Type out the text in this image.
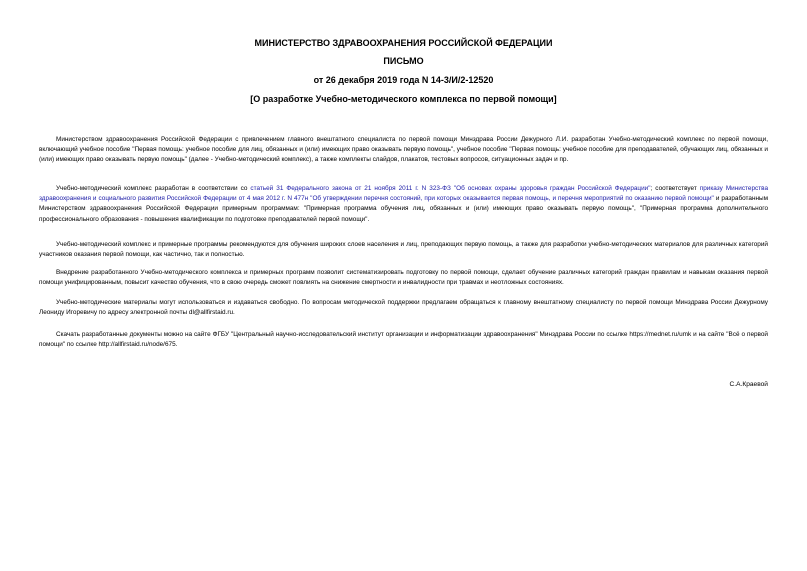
МИНИСТЕРСТВО ЗДРАВООХРАНЕНИЯ РОССИЙСКОЙ ФЕДЕРАЦИИ
ПИСЬМО
от 26 декабря 2019 года N 14-3/И/2-12520
[О разработке Учебно-методического комплекса по первой помощи]

Министерством здравоохранения Российской Федерации с привлечением главного внештатного специалиста по первой помощи Минздрава России Дежурного Л.И. разработан Учебно-методический комплекс по первой помощи, включающий учебное пособие "Первая помощь: учебное пособие для лиц, обязанных и (или) имеющих право оказывать первую помощь", учебное пособие "Первая помощь: учебное пособие для преподавателей, обучающих лиц, обязанных и (или) имеющих право оказывать первую помощь" (далее - Учебно-методический комплекс), а также комплекты слайдов, плакатов, тестовых вопросов, ситуационных задач и пр.

Учебно-методический комплекс разработан в соответствии со статьей 31 Федерального закона от 21 ноября 2011 г. N 323-ФЗ "Об основах охраны здоровья граждан Российской Федерации"; соответствует приказу Министерства здравоохранения и социального развития Российской Федерации от 4 мая 2012 г. N 477н "Об утверждении перечня состояний, при которых оказывается первая помощь, и перечня мероприятий по оказанию первой помощи" и разработанным Министерством здравоохранения Российской Федерации примерным программам: "Примерная программа обучения лиц, обязанных и (или) имеющих право оказывать первую помощь", "Примерная программа дополнительного профессионального образования - повышения квалификации по подготовке преподавателей первой помощи".

Учебно-методический комплекс и примерные программы рекомендуются для обучения широких слоев населения и лиц, преподающих первую помощь, а также для разработки учебно-методических материалов для различных категорий участников оказания первой помощи, как частично, так и полностью.

Внедрение разработанного Учебно-методического комплекса и примерных программ позволит систематизировать подготовку по первой помощи, сделает обучение различных категорий граждан правилам и навыкам оказания первой помощи унифицированным, повысит качество обучения, что в свою очередь сможет повлиять на снижение смертности и инвалидности при травмах и неотложных состояниях.

Учебно-методические материалы могут использоваться и издаваться свободно. По вопросам методической поддержки предлагаем обращаться к главному внештатному специалисту по первой помощи Минздрава России Дежурному Леониду Игоревичу по адресу электронной почты dl@allfirstaid.ru.

Скачать разработанные документы можно на сайте ФГБУ "Центральный научно-исследовательский институт организации и информатизации здравоохранения" Минздрава России по ссылке https://mednet.ru/umk и на сайте "Всё о первой помощи" по ссылке http://allfirstaid.ru/node/675.

С.А.Краевой
